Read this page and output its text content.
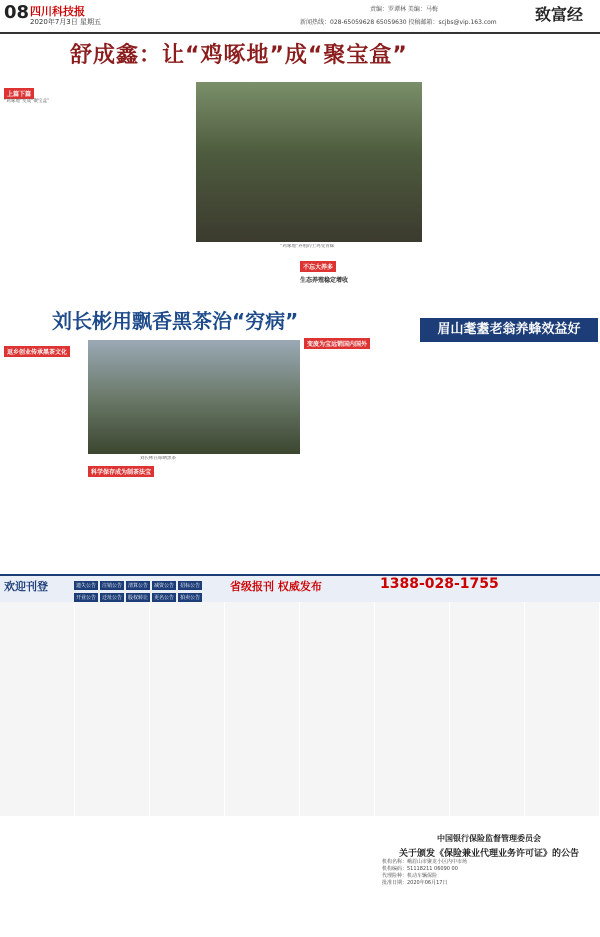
08 四川科技报
2020年7月3日 星期五
责编：罗谭林 美编：马梅
新闻热线：028-65059628 65059630 投稿邮箱：scjbs@vip.163.com 致富经
舒成鑫：让“鸡啄地”成“聚宝盒”

上篇下篇

“鸡啄地”变成“聚宝盒”

“鸡啄地”养殖的土鸡受青睐
不忘大养多
生态养殖稳定增收
刘长彬用飘香黑茶治“穷病”

返乡创业传承黑茶文化
刘长彬在晾晒黑茶
科学保存成为制茶法宝
变废为宝远销国内国外
眉山耄耋老翁养蜂效益好
欢迎刊登	遗失公告 注销公告 清算公告 减资公告 招标公告开业公告 迁址公告 股权转让 更名公告 拍卖公告
省级报刊 权威发布	1388-028-1755
中国银行保险监督管理委员会
关于颁发《保险兼业代理业务许可证》的公告
机构名称：峨眉山市聚龙小区内中市场
机构编码：51118211 06090 00
代理险种：机动车辆保险
批准日期：2020年06月17日
